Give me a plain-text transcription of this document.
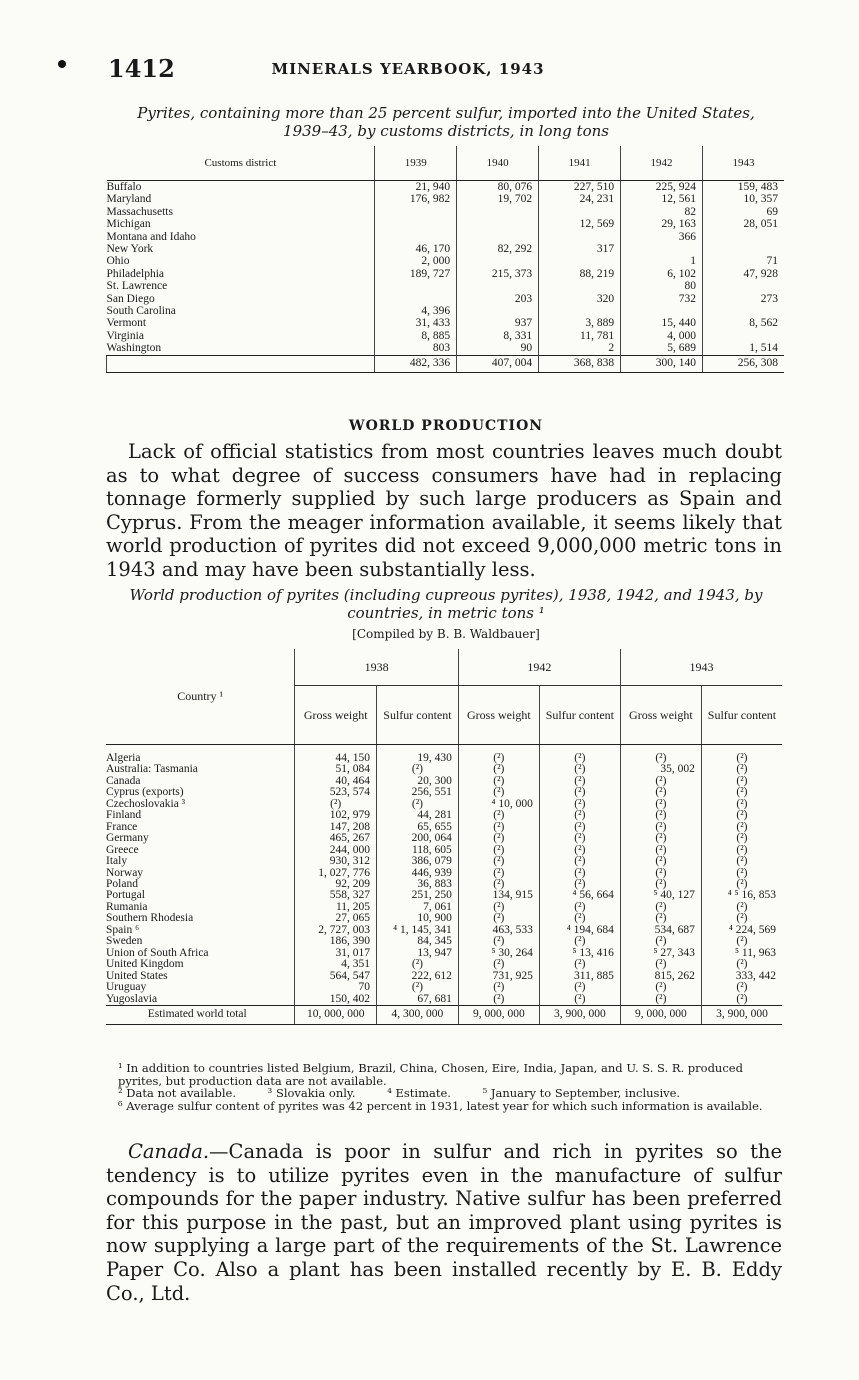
1412	MINERALS YEARBOOK, 1943
Pyrites, containing more than 25 percent sulfur, imported into the United States,
1939–43, by customs districts, in long tons
Customs district	1939	1940	1941	1942	1943
Buffalo	21, 940	80, 076	227, 510	225, 924	159, 483
Maryland	176, 982	19, 702	24, 231	12, 561	10, 357
Massachusetts				82	69
Michigan			12, 569	29, 163	28, 051
Montana and Idaho				366	
New York	46, 170	82, 292	317		
Ohio	2, 000			1	71
Philadelphia	189, 727	215, 373	88, 219	6, 102	47, 928
St. Lawrence				80	
San Diego		203	320	732	273
South Carolina	4, 396				
Vermont	31, 433	937	3, 889	15, 440	8, 562
Virginia	8, 885	8, 331	11, 781	4, 000	
Washington	803	90	2	5, 689	1, 514
	482, 336	407, 004	368, 838	300, 140	256, 308
WORLD PRODUCTION

Lack of official statistics from most countries leaves much doubt as to what degree of success consumers have had in replacing tonnage formerly supplied by such large producers as Spain and Cyprus. From the meager information available, it seems likely that world production of pyrites did not exceed 9,000,000 metric tons in 1943 and may have been substantially less.

World production of pyrites (including cupreous pyrites), 1938, 1942, and 1943, by
countries, in metric tons ¹
[Compiled by B. B. Waldbauer]
Country ¹	1938		1942		1943	
	Gross weight	Sulfur content	Gross weight	Sulfur content	Gross weight	Sulfur content
Algeria	44, 150	19, 430	(²)	(²)	(²)	(²)
Australia: Tasmania	51, 084	(²)	(²)	(²)	35, 002	(²)
Canada	40, 464	20, 300	(²)	(²)	(²)	(²)
Cyprus (exports)	523, 574	256, 551	(²)	(²)	(²)	(²)
Czechoslovakia ³	(²)	(²)	⁴ 10, 000	(²)	(²)	(²)
Finland	102, 979	44, 281	(²)	(²)	(²)	(²)
France	147, 208	65, 655	(²)	(²)	(²)	(²)
Germany	465, 267	200, 064	(²)	(²)	(²)	(²)
Greece	244, 000	118, 605	(²)	(²)	(²)	(²)
Italy	930, 312	386, 079	(²)	(²)	(²)	(²)
Norway	1, 027, 776	446, 939	(²)	(²)	(²)	(²)
Poland	92, 209	36, 883	(²)	(²)	(²)	(²)
Portugal	558, 327	251, 250	134, 915	⁴ 56, 664	⁵ 40, 127	⁴ ⁵ 16, 853
Rumania	11, 205	7, 061	(²)	(²)	(²)	(²)
Southern Rhodesia	27, 065	10, 900	(²)	(²)	(²)	(²)
Spain ⁶	2, 727, 003	⁴ 1, 145, 341	463, 533	⁴ 194, 684	534, 687	⁴ 224, 569
Sweden	186, 390	84, 345	(²)	(²)	(²)	(²)
Union of South Africa	31, 017	13, 947	⁵ 30, 264	⁵ 13, 416	⁵ 27, 343	⁵ 11, 963
United Kingdom	4, 351	(²)	(²)	(²)	(²)	(²)
United States	564, 547	222, 612	731, 925	311, 885	815, 262	333, 442
Uruguay	70	(²)	(²)	(²)	(²)	(²)
Yugoslavia	150, 402	67, 681	(²)	(²)	(²)	(²)
Estimated world total	10, 000, 000	4, 300, 000	9, 000, 000	3, 900, 000	9, 000, 000	3, 900, 000

¹ In addition to countries listed Belgium, Brazil, China, Chosen, Eire, India, Japan, and U. S. S. R. produced pyrites, but production data are not available.

² Data not available.	³ Slovakia only.	⁴ Estimate.	⁵ January to September, inclusive.

⁶ Average sulfur content of pyrites was 42 percent in 1931, latest year for which such information is available.

Canada.—Canada is poor in sulfur and rich in pyrites so the tendency is to utilize pyrites even in the manufacture of sulfur compounds for the paper industry. Native sulfur has been preferred for this purpose in the past, but an improved plant using pyrites is now supplying a large part of the requirements of the St. Lawrence Paper Co. Also a plant has been installed recently by E. B. Eddy Co., Ltd.
